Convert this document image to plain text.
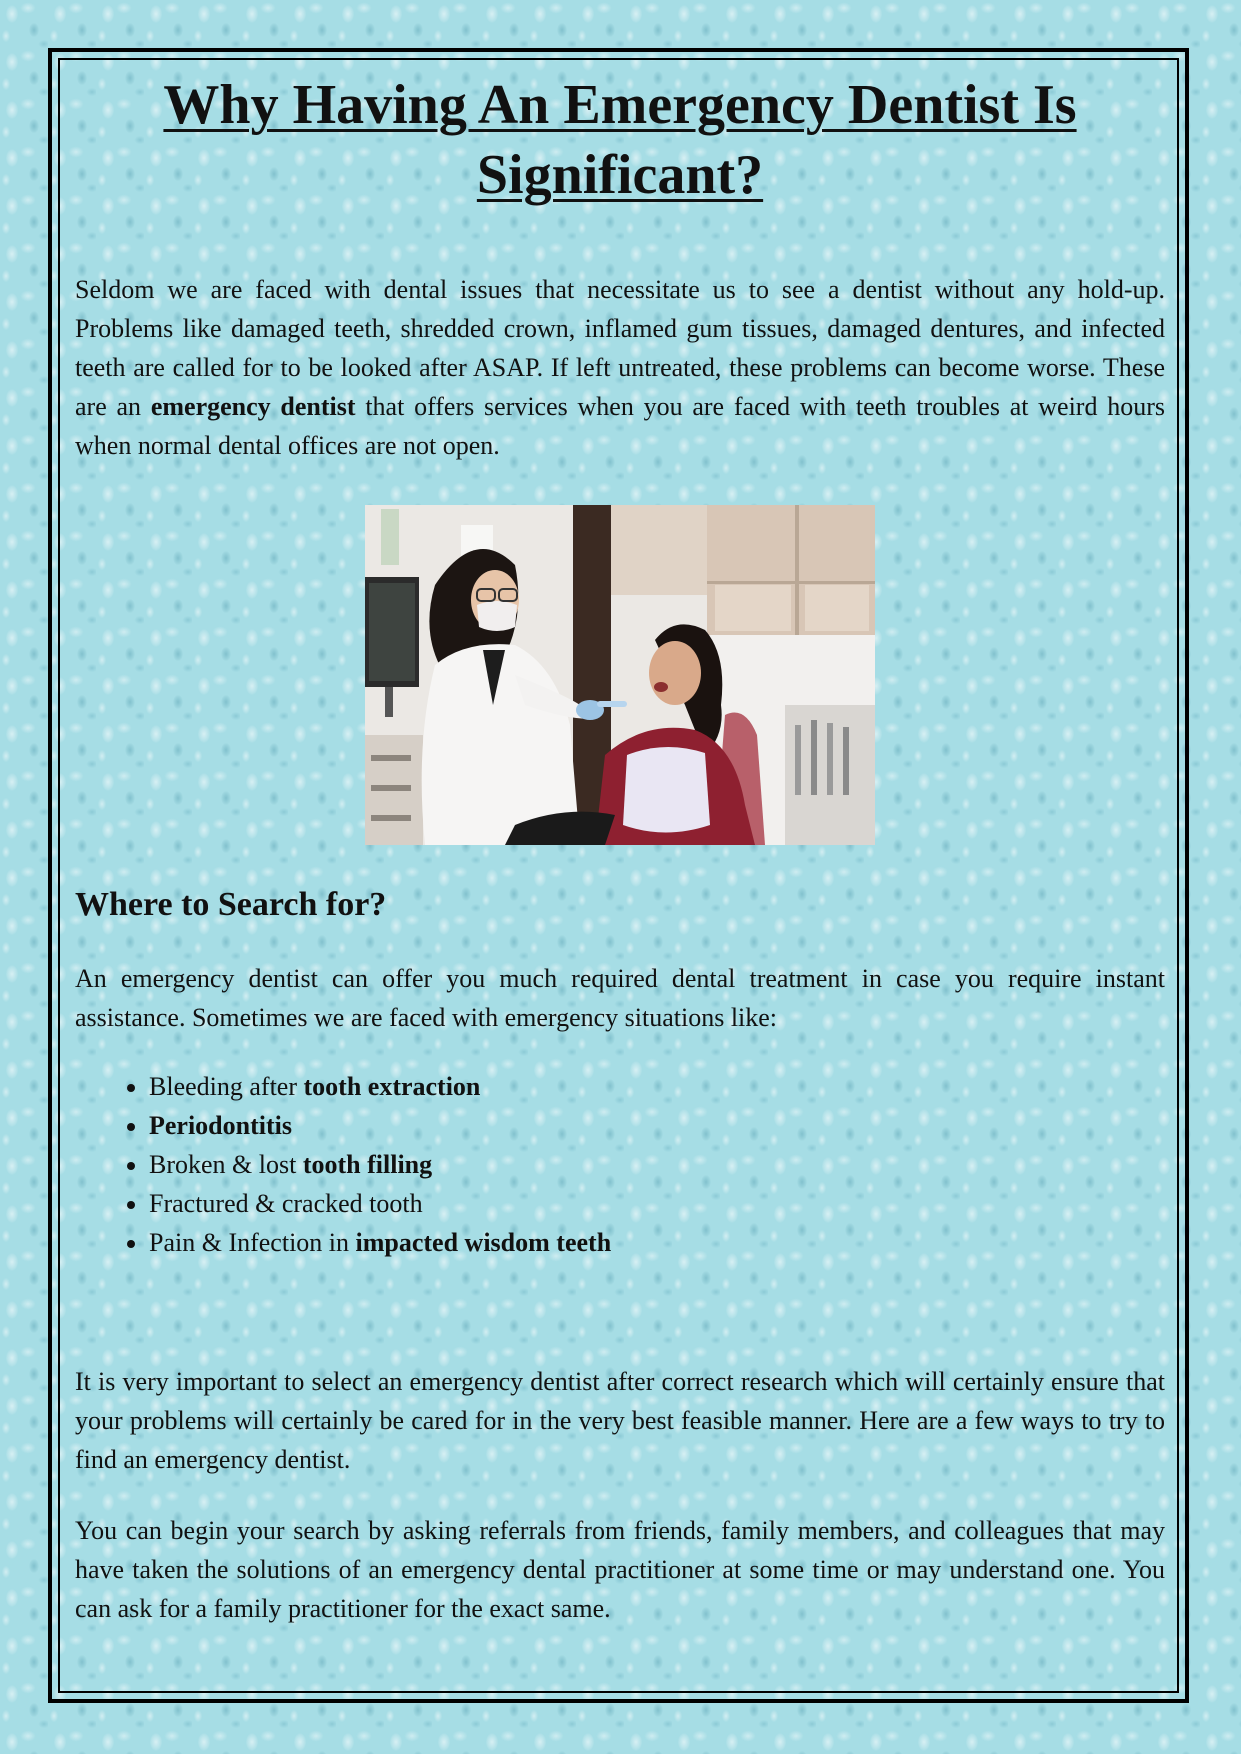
Why Having An Emergency Dentist Is Significant?

Seldom we are faced with dental issues that necessitate us to see a dentist without any hold-up. Problems like damaged teeth, shredded crown, inflamed gum tissues, damaged dentures, and infected teeth are called for to be looked after ASAP. If left untreated, these problems can become worse. These are an emergency dentist that offers services when you are faced with teeth troubles at weird hours when normal dental offices are not open.

Where to Search for?

An emergency dentist can offer you much required dental treatment in case you require instant assistance. Sometimes we are faced with emergency situations like:

• Bleeding after tooth extraction
• Periodontitis
• Broken & lost tooth filling
• Fractured & cracked tooth
• Pain & Infection in impacted wisdom teeth

It is very important to select an emergency dentist after correct research which will certainly ensure that your problems will certainly be cared for in the very best feasible manner. Here are a few ways to try to find an emergency dentist.

You can begin your search by asking referrals from friends, family members, and colleagues that may have taken the solutions of an emergency dental practitioner at some time or may understand one. You can ask for a family practitioner for the exact same.
